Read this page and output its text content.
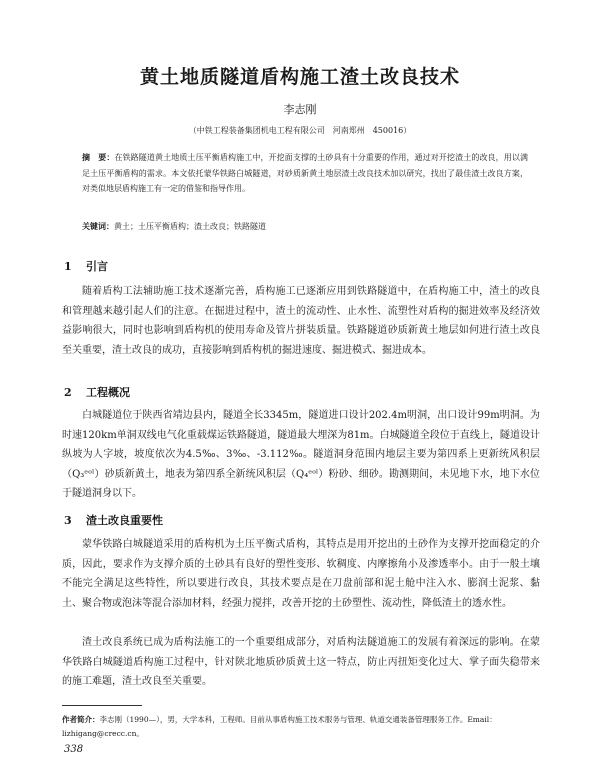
黄土地质隧道盾构施工渣土改良技术
李志刚
（中铁工程装备集团机电工程有限公司　河南郑州　450016）
摘　要：在铁路隧道黄土地质土压平衡盾构施工中，开挖面支撑的土砂具有十分重要的作用，通过对开挖渣土的改良，用以满足土压平衡盾构的需求。本文依托蒙华铁路白城隧道，对砂质新黄土地层渣土改良技术加以研究，找出了最佳渣土改良方案，对类似地层盾构施工有一定的借鉴和指导作用。
关键词：黄土；土压平衡盾构；渣土改良；铁路隧道
1 引言
随着盾构工法辅助施工技术逐渐完善，盾构施工已逐渐应用到铁路隧道中，在盾构施工中，渣土的改良和管理越来越引起人们的注意。在掘进过程中，渣土的流动性、止水性、流塑性对盾构的掘进效率及经济效益影响很大，同时也影响到盾构机的使用寿命及管片拼装质量。铁路隧道砂质新黄土地层如何进行渣土改良至关重要，渣土改良的成功，直接影响到盾构机的掘进速度、掘进模式、掘进成本。
2 工程概况
白城隧道位于陕西省靖边县内，隧道全长3345m，隧道进口设计202.4m明洞，出口设计99m明洞。为时速120km单洞双线电气化重载煤运铁路隧道，隧道最大埋深为81m。白城隧道全段位于直线上，隧道设计纵坡为人字坡，坡度依次为4.5‰、3‰、-3.112‰。隧道洞身范围内地层主要为第四系上更新统风积层（Q₃ᵉᵒˡ）砂质新黄土，地表为第四系全新统风积层（Q₄ᵉᵒˡ）粉砂、细砂。勘测期间，未见地下水，地下水位于隧道洞身以下。
3 渣土改良重要性
蒙华铁路白城隧道采用的盾构机为土压平衡式盾构，其特点是用开挖出的土砂作为支撑开挖面稳定的介质，因此，要求作为支撑介质的土砂具有良好的塑性变形、软稠度、内摩擦角小及渗透率小。由于一般土壤不能完全满足这些特性，所以要进行改良，其技术要点是在刀盘前部和泥土舱中注入水、膨润土泥浆、黏土、聚合物或泡沫等混合添加材料，经强力搅拌，改善开挖的土砂塑性、流动性，降低渣土的透水性。
渣土改良系统已成为盾构法施工的一个重要组成部分，对盾构法隧道施工的发展有着深远的影响。在蒙华铁路白城隧道盾构施工过程中，针对陕北地质砂质黄土这一特点，防止丙扭矩变化过大、掌子面失稳带来的施工难题，渣土改良至关重要。
作者简介：李志刚（1990—），男，大学本科，工程师。目前从事盾构施工技术服务与管理、轨道交通装备管理服务工作。Email：lizhigang@crecc.cn。
338
